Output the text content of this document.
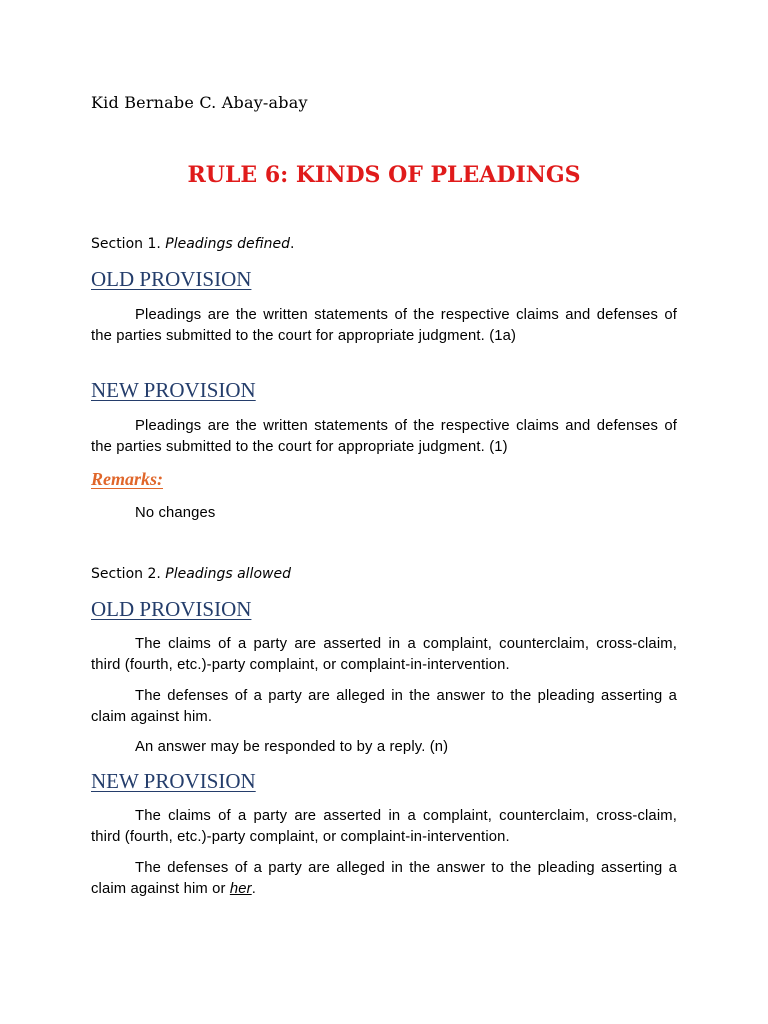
Kid Bernabe C. Abay-abay
RULE 6: KINDS OF PLEADINGS
Section 1. Pleadings defined.
OLD PROVISION
Pleadings are the written statements of the respective claims and defenses of the parties submitted to the court for appropriate judgment. (1a)
NEW PROVISION
Pleadings are the written statements of the respective claims and defenses of the parties submitted to the court for appropriate judgment. (1)
Remarks:
No changes
Section 2. Pleadings allowed
OLD PROVISION
The claims of a party are asserted in a complaint, counterclaim, cross-claim, third (fourth, etc.)-party complaint, or complaint-in-intervention.
The defenses of a party are alleged in the answer to the pleading asserting a claim against him.
An answer may be responded to by a reply. (n)
NEW PROVISION
The claims of a party are asserted in a complaint, counterclaim, cross-claim, third (fourth, etc.)-party complaint, or complaint-in-intervention.
The defenses of a party are alleged in the answer to the pleading asserting a claim against him or her.
